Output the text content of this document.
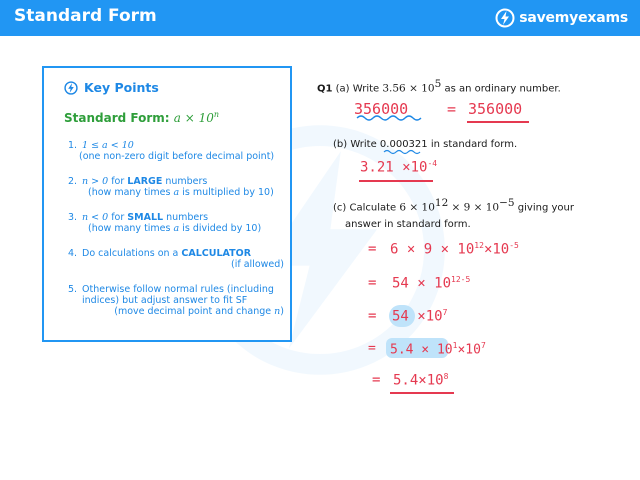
Standard Form	savemyexams
Key Points
Standard Form: $a \times 10^n$
1. 1 ≤ a < 10
(one non-zero digit before decimal point)
2. n > 0 for LARGE numbers
(how many times a is multiplied by 10)
3. n < 0 for SMALL numbers
(how many times a is divided by 10)
4. Do calculations on a CALCULATOR
(if allowed)
5. Otherwise follow normal rules (including
indices) but adjust answer to fit SF
(move decimal point and change n)
Q1 (a) Write $3.56 \times 10^5$ as an ordinary number.
(b) Write 0.000321 in standard form.
(c) Calculate $6 \times 10^{12} \times 9 \times 10^{-5}$ giving your
answer in standard form.
356000	= 356000
$3.21 \times 10^{-4}$
= $6 \times 9 \times 10^{12}\times 10^{-5}$
= $54 \times 10^{12-5}$
= $54 \times 10^7$
= $5.4 \times 10^1\times 10^7$
= $5.4\times 10^8$
